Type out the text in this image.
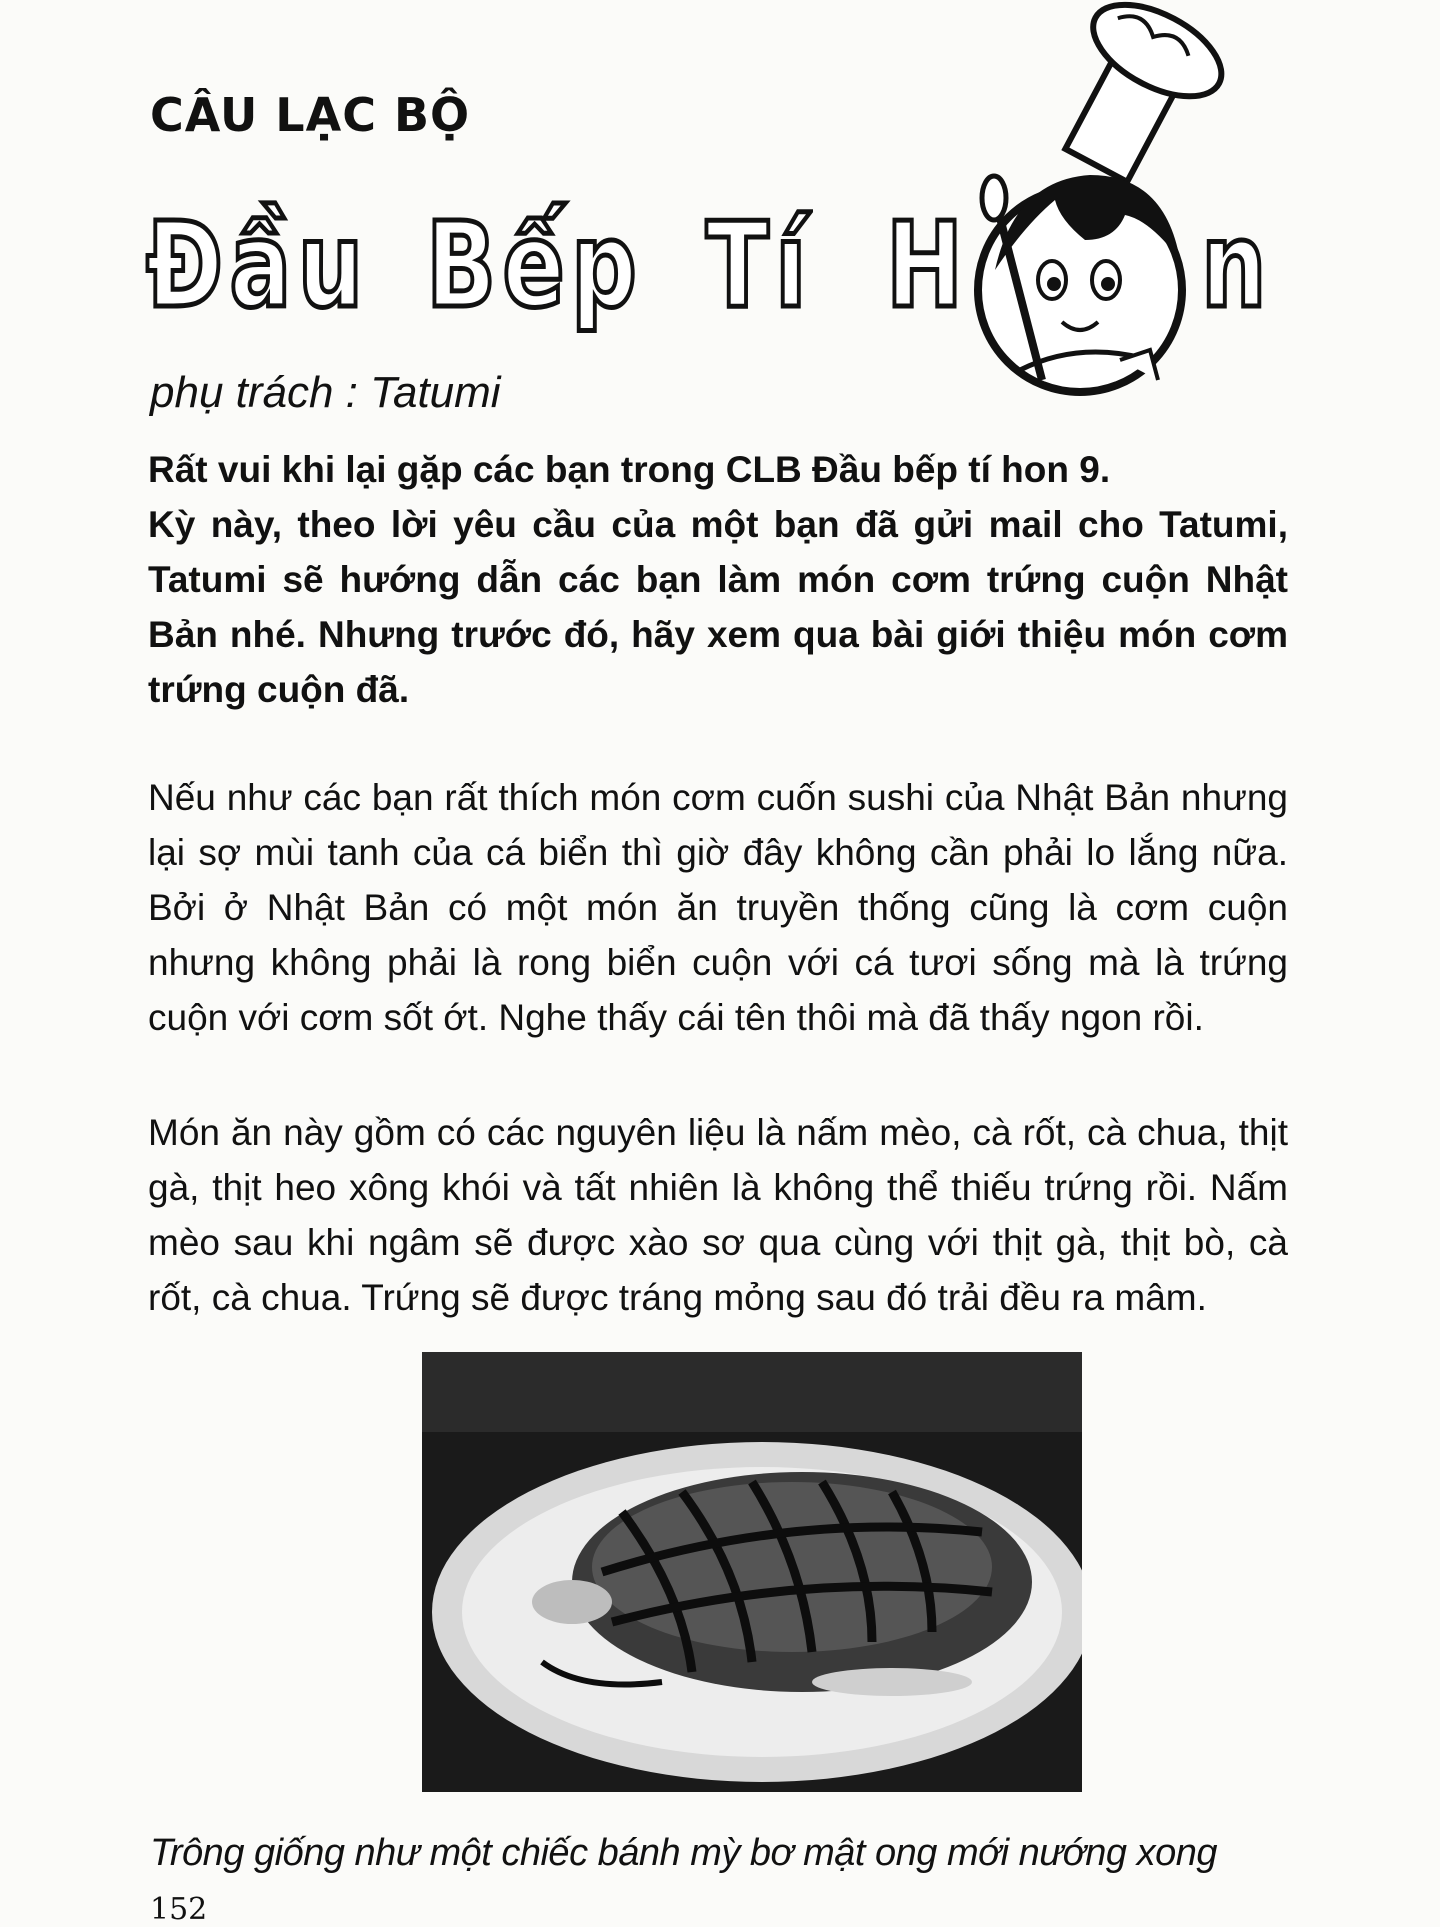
CÂU LẠC BỘ
Đầu Bếp Tí H n
phụ trách : Tatumi

Rất vui khi lại gặp các bạn trong CLB Đầu bếp tí hon 9.

Kỳ này, theo lời yêu cầu của một bạn đã gửi mail cho Tatumi, Tatumi sẽ hướng dẫn các bạn làm món cơm trứng cuộn Nhật Bản nhé. Nhưng trước đó, hãy xem qua bài giới thiệu món cơm trứng cuộn đã.

Nếu như các bạn rất thích món cơm cuốn sushi của Nhật Bản nhưng lại sợ mùi tanh của cá biển thì giờ đây không cần phải lo lắng nữa. Bởi ở Nhật Bản có một món ăn truyền thống cũng là cơm cuộn nhưng không phải là rong biển cuộn với cá tươi sống mà là trứng cuộn với cơm sốt ớt. Nghe thấy cái tên thôi mà đã thấy ngon rồi.
Món ăn này gồm có các nguyên liệu là nấm mèo, cà rốt, cà chua, thịt gà, thịt heo xông khói và tất nhiên là không thể thiếu trứng rồi. Nấm mèo sau khi ngâm sẽ được xào sơ qua cùng với thịt gà, thịt bò, cà rốt, cà chua. Trứng sẽ được tráng mỏng sau đó trải đều ra mâm.
Trông giống như một chiếc bánh mỳ bơ mật ong mới nướng xong
152
